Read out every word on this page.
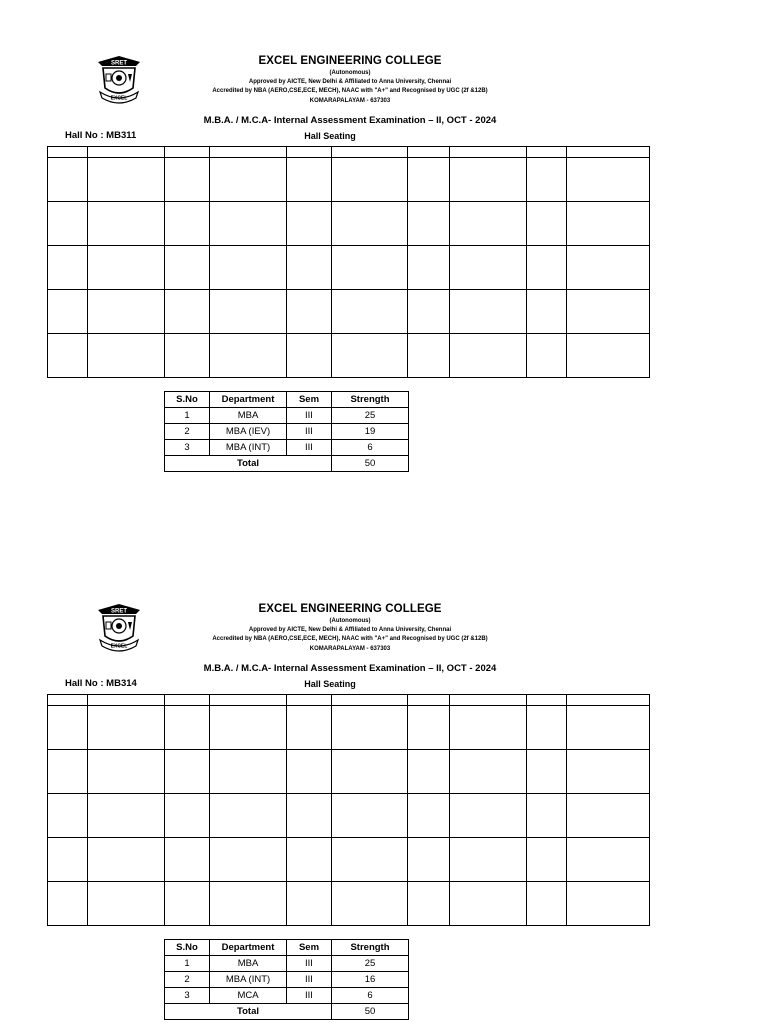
SRET
EXCEL
EXCEL ENGINEERING COLLEGE
(Autonomous)
Approved by AICTE, New Delhi & Affiliated to Anna University, Chennai
Accredited by NBA (AERO,CSE,ECE, MECH), NAAC with "A+" and Recognised by UGC (2f &12B)
KOMARAPALAYAM - 637303
M.B.A. / M.C.A- Internal Assessment Examination – II, OCT - 2024
Hall No : MB311	Hall Seating

S.No	Department	Sem	Strength
1	MBA	III	25
2	MBA (IEV)	III	19
3	MBA (INT)	III	6
Total			50
SRET
EXCEL
EXCEL ENGINEERING COLLEGE
(Autonomous)
Approved by AICTE, New Delhi & Affiliated to Anna University, Chennai
Accredited by NBA (AERO,CSE,ECE, MECH), NAAC with "A+" and Recognised by UGC (2f &12B)
KOMARAPALAYAM - 637303
M.B.A. / M.C.A- Internal Assessment Examination – II, OCT - 2024
Hall No : MB314	Hall Seating

S.No	Department	Sem	Strength
1	MBA	III	25
2	MBA (INT)	III	16
3	MCA	III	6
Total			50
